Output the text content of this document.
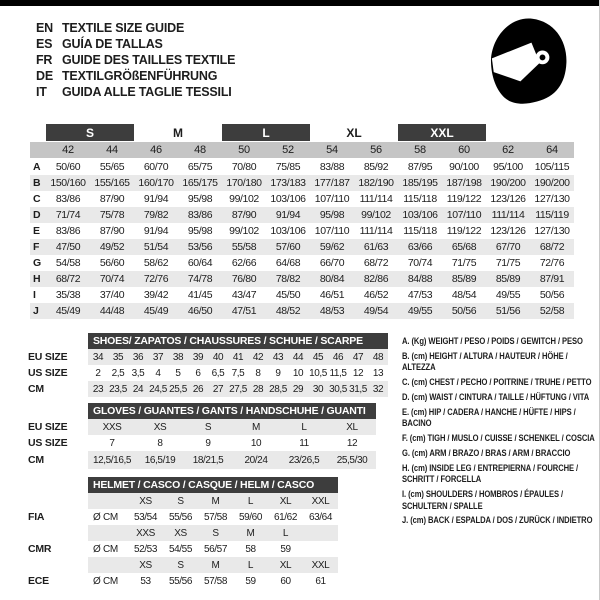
EN TEXTILE SIZE GUIDE
ES GUÍA DE TALLAS
FR GUIDE DES TAILLES TEXTILE
DE TEXTILGRÖßENFÜHRUNG
IT	GUIDA ALLE TAGLIE TESSILI
S	M	L	XL	XXL
42	44	46	48	50	52	54	56	58	60	62	64
A	50/60	55/65	60/70	65/75	70/80	75/85	83/88	85/92	87/95	90/100	95/100	105/115
B 150/160 155/165 160/170 165/175 170/180 173/183 177/187 182/190 185/195 187/198 190/200 190/200
C	83/86	87/90	91/94	95/98	99/102	103/106 107/110 111/114	115/118 119/122 123/126 127/130
D	71/74	75/78	79/82	83/86	87/90	91/94	95/98	99/102	103/106 107/110 111/114	115/119
E	83/86	87/90	91/94	95/98	99/102	103/106 107/110 111/114	115/118 119/122 123/126 127/130
F	47/50	49/52	51/54	53/56	55/58	57/60	59/62	61/63	63/66	65/68	67/70	68/72
G	54/58	56/60	58/62	60/64	62/66	64/68	66/70	68/72	70/74	71/75	71/75	72/76
H	68/72	70/74	72/76	74/78	76/80	78/82	80/84	82/86	84/88	85/89	85/89	87/91
I	35/38	37/40	39/42	41/45	43/47	45/50	46/51	46/52	47/53	48/54	49/55	50/56
J	45/49	44/48	45/49	46/50	47/51	48/52	48/53	49/54	49/55	50/56	51/56	52/58
SHOES/ ZAPATOS / CHAUSSURES / SCHUHE / SCARPE
EU SIZE	34 35 36 37 38 39 40 41 42 43 44 45 46 47 48
US SIZE	2	2,5 3,5	4	5	6	6,5 7,5	8	9	10 10,5 11,5 12 13
CM	23 23,5 24 24,5 25,5 26 27 27,5 28 28,5 29 30 30,5 31,5 32
GLOVES / GUANTES / GANTS / HANDSCHUHE / GUANTI
EU SIZE	XXS	XS	S	M	L	XL
US SIZE	7	8	9	10	11	12
CM	12,5/16,5	16,5/19	18/21,5	20/24	23/26,5	25,5/30
HELMET / CASCO / CASQUE / HELM / CASCO
XS	S	M	L	XL	XXL
FIA	Ø CM	53/54	55/56	57/58	59/60	61/62	63/64
XXS	XS	S	M	L
CMR	Ø CM	52/53	54/55	56/57	58	59
XS	S	M	L	XL	XXL
ECE	Ø CM	53	55/56	57/58	59	60	61
A. (Kg) WEIGHT / PESO / POIDS / GEWITCH / PESO
B. (cm) HEIGHT / ALTURA / HAUTEUR / HÖHE / ALTEZZA
C. (cm) CHEST / PECHO / POITRINE / TRUHE / PETTO
D. (cm) WAIST / CINTURA / TAILLE / HÜFTUNG / VITA
E. (cm) HIP / CADERA / HANCHE / HÜFTE / HIPS / BACINO
F. (cm) TIGH / MUSLO / CUISSE / SCHENKEL / COSCIA
G. (cm) ARM / BRAZO / BRAS / ARM / BRACCIO
H. (cm) INSIDE LEG / ENTREPIERNA / FOURCHE / SCHRITT / FORCELLA
I. (cm) SHOULDERS / HOMBROS / ÉPAULES / SCHULTERN / SPALLE
J. (cm) BACK / ESPALDA / DOS / ZURÜCK / INDIETRO
